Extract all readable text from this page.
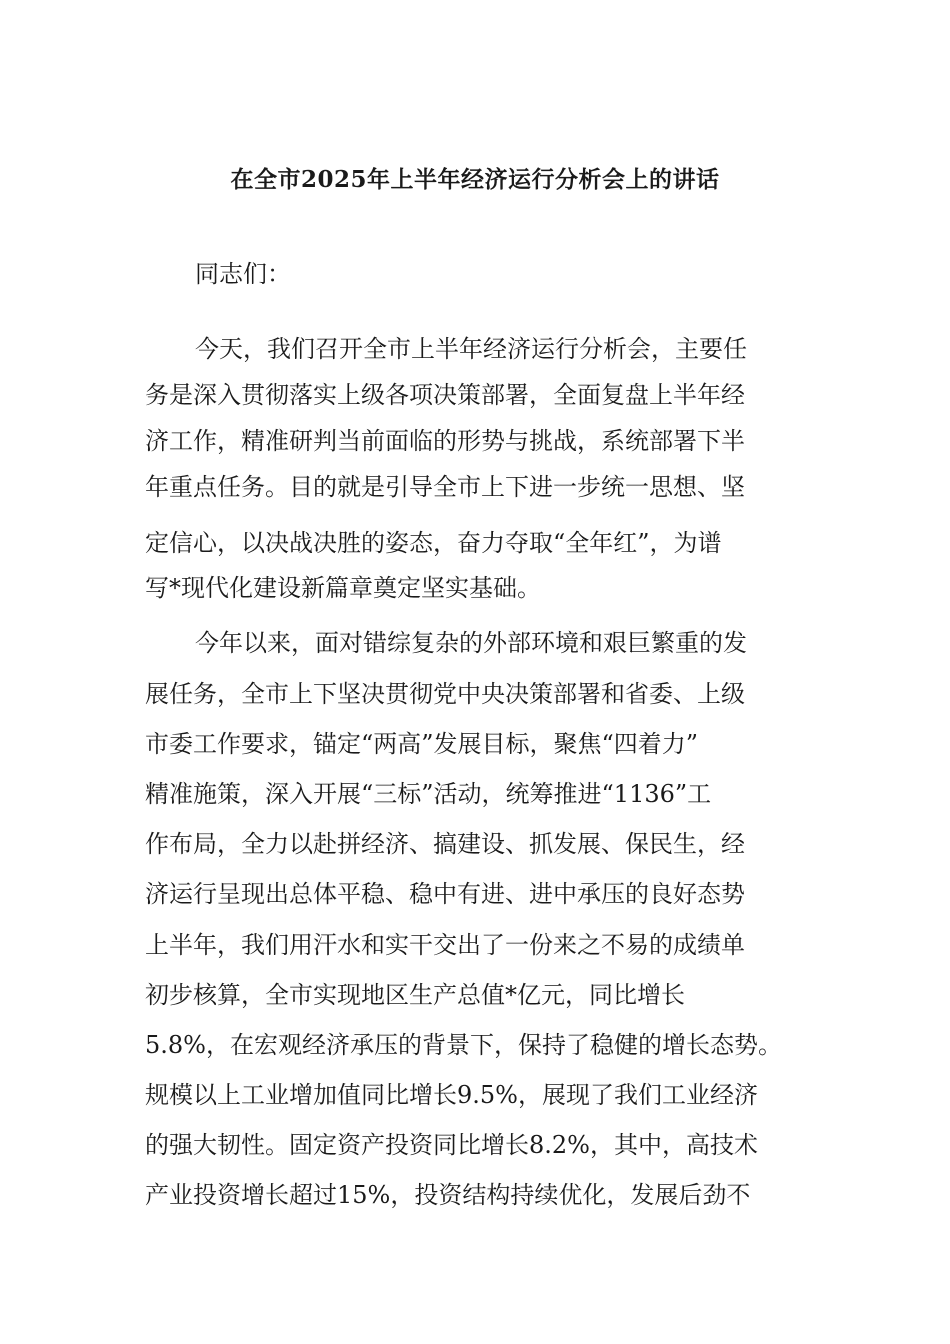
在全市2025年上半年经济运行分析会上的讲话
同志们：
今天，我们召开全市上半年经济运行分析会，主要任
务是深入贯彻落实上级各项决策部署，全面复盘上半年经
济工作，精准研判当前面临的形势与挑战，系统部署下半
年重点任务。目的就是引导全市上下进一步统一思想、坚
定信心，以决战决胜的姿态，奋力夺取“全年红”，为谱
写*现代化建设新篇章奠定坚实基础。
今年以来，面对错综复杂的外部环境和艰巨繁重的发
展任务，全市上下坚决贯彻党中央决策部署和省委、上级
市委工作要求，锚定“两高”发展目标，聚焦“四着力”
精准施策，深入开展“三标”活动，统筹推进“1136”工
作布局，全力以赴拼经济、搞建设、抓发展、保民生，经
济运行呈现出总体平稳、稳中有进、进中承压的良好态势
上半年，我们用汗水和实干交出了一份来之不易的成绩单
初步核算，全市实现地区生产总值*亿元，同比增长
5.8%，在宏观经济承压的背景下，保持了稳健的增长态势。
规模以上工业增加值同比增长9.5%，展现了我们工业经济
的强大韧性。固定资产投资同比增长8.2%，其中，高技术
产业投资增长超过15%，投资结构持续优化，发展后劲不
